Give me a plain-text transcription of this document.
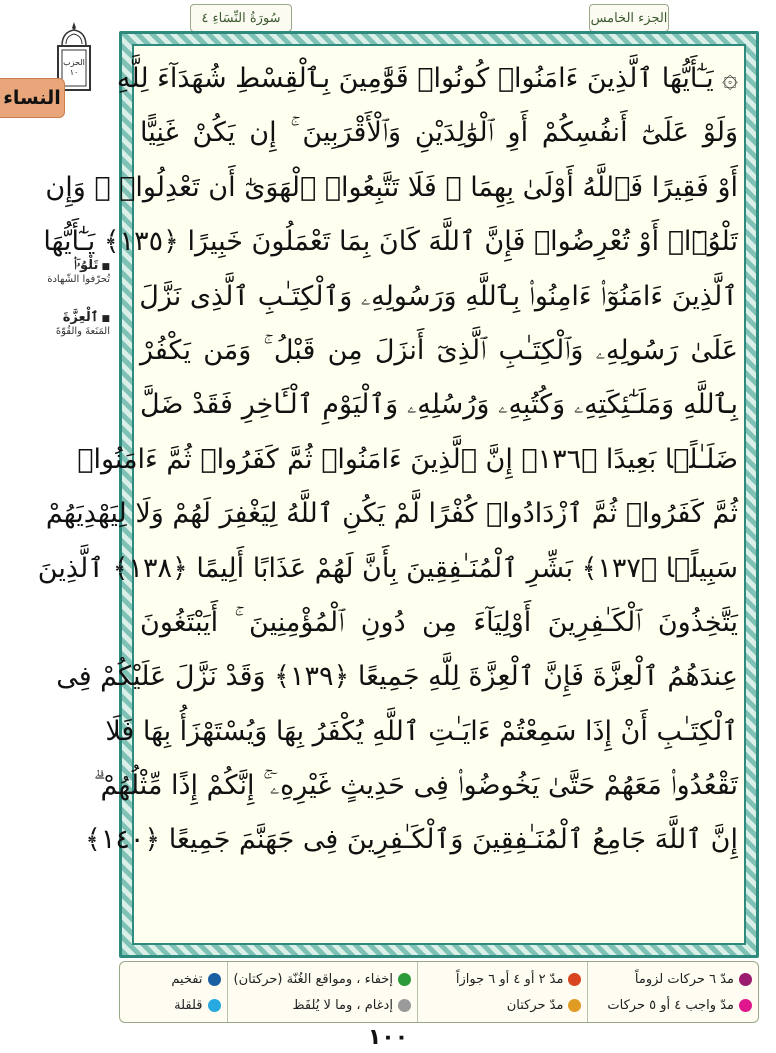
الجزء الخامس
سُورَةُ النِّسَاءِ ٤
الحزب ١٠
النساء
■ تَلْوُۥٓا۟
تُحرّفوا الشّهادة
■ ٱلْعِزَّةَ
المَنَعةَ والقُوّةَ
۞ يَـٰٓأَيُّهَا ٱلَّذِينَ ءَامَنُوا۟ كُونُوا۟ قَوَّٰمِينَ بِٱلْقِسْطِ شُهَدَآءَ لِلَّهِ
وَلَوْ عَلَىٰٓ أَنفُسِكُمْ أَوِ ٱلْوَٰلِدَيْنِ وَٱلْأَقْرَبِينَ ۚ إِن يَكُنْ غَنِيًّا
أَوْ فَقِيرًا فَٱللَّهُ أَوْلَىٰ بِهِمَا ۖ فَلَا تَتَّبِعُوا۟ ٱلْهَوَىٰٓ أَن تَعْدِلُوا۟ ۚ وَإِن
تَلْوُۥٓا۟ أَوْ تُعْرِضُوا۟ فَإِنَّ ٱللَّهَ كَانَ بِمَا تَعْمَلُونَ خَبِيرًا ﴿١٣٥﴾ يَـٰٓأَيُّهَا
ٱلَّذِينَ ءَامَنُوٓا۟ ءَامِنُوا۟ بِٱللَّهِ وَرَسُولِهِۦ وَٱلْكِتَـٰبِ ٱلَّذِى نَزَّلَ
عَلَىٰ رَسُولِهِۦ وَٱلْكِتَـٰبِ ٱلَّذِىٓ أَنزَلَ مِن قَبْلُ ۚ وَمَن يَكْفُرْ
بِٱللَّهِ وَمَلَـٰٓئِكَتِهِۦ وَكُتُبِهِۦ وَرُسُلِهِۦ وَٱلْيَوْمِ ٱلْـَٔاخِرِ فَقَدْ ضَلَّ
ضَلَـٰلًۢا بَعِيدًا ﴿١٣٦﴾ إِنَّ ٱلَّذِينَ ءَامَنُوا۟ ثُمَّ كَفَرُوا۟ ثُمَّ ءَامَنُوا۟
ثُمَّ كَفَرُوا۟ ثُمَّ ٱزْدَادُوا۟ كُفْرًا لَّمْ يَكُنِ ٱللَّهُ لِيَغْفِرَ لَهُمْ وَلَا لِيَهْدِيَهُمْ
سَبِيلًۢا ﴿١٣٧﴾ بَشِّرِ ٱلْمُنَـٰفِقِينَ بِأَنَّ لَهُمْ عَذَابًا أَلِيمًا ﴿١٣٨﴾ ٱلَّذِينَ
يَتَّخِذُونَ ٱلْكَـٰفِرِينَ أَوْلِيَآءَ مِن دُونِ ٱلْمُؤْمِنِينَ ۚ أَيَبْتَغُونَ
عِندَهُمُ ٱلْعِزَّةَ فَإِنَّ ٱلْعِزَّةَ لِلَّهِ جَمِيعًا ﴿١٣٩﴾ وَقَدْ نَزَّلَ عَلَيْكُمْ فِى
ٱلْكِتَـٰبِ أَنْ إِذَا سَمِعْتُمْ ءَايَـٰتِ ٱللَّهِ يُكْفَرُ بِهَا وَيُسْتَهْزَأُ بِهَا فَلَا
تَقْعُدُوا۟ مَعَهُمْ حَتَّىٰ يَخُوضُوا۟ فِى حَدِيثٍ غَيْرِهِۦٓ ۚ إِنَّكُمْ إِذًا مِّثْلُهُمْ ۗ
إِنَّ ٱللَّهَ جَامِعُ ٱلْمُنَـٰفِقِينَ وَٱلْكَـٰفِرِينَ فِى جَهَنَّمَ جَمِيعًا ﴿١٤٠﴾
مدّ ٦ حركات لزوماً
مدّ واجب ٤ أو ٥ حركات
مدّ ٢ أو ٤ أو ٦ جوازاً
مدّ حركتان
إخفاء ، ومواقع الغُنّة (حركتان)
إدغام ، وما لا يُلفَظ
تفخيم
قلقلة
١٠٠
